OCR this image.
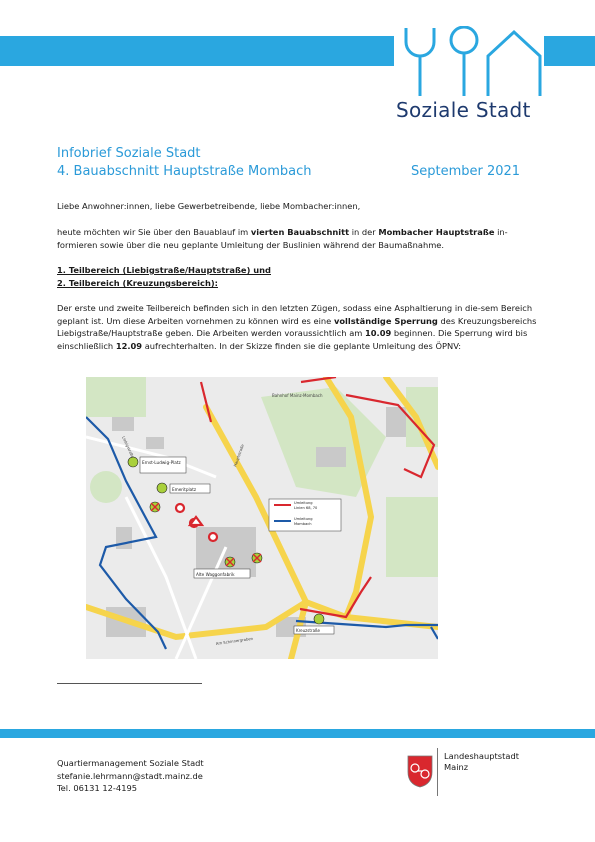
Soziale Stadt
Infobrief Soziale Stadt
4. Bauabschnitt Hauptstraße Mombach	September 2021
Liebe Anwohner:innen, liebe Gewerbetreibende, liebe Mombacher:innen,
heute möchten wir Sie über den Bauablauf im vierten Bauabschnitt in der Mombacher Hauptstraße in-formieren sowie über die neu geplante Umleitung der Buslinien während der Baumaßnahme.
1. Teilbereich (Liebigstraße/Hauptstraße) und
2. Teilbereich (Kreuzungsbereich):
Der erste und zweite Teilbereich befinden sich in den letzten Zügen, sodass eine Asphaltierung in die-sem Bereich geplant ist. Um diese Arbeiten vornehmen zu können wird es eine vollständige Sperrung des Kreuzungsbereichs Liebigstraße/Hauptstraße geben. Die Arbeiten werden voraussichtlich am 10.09 beginnen. Die Sperrung wird bis einschließlich 12.09 aufrechterhalten. In der Skizze finden sie die geplante Umleitung des ÖPNV:
Ernst-Ludwig-Platz
Emeritplatz
Alte Waggonfabrik
Bahnhof Mainz-Mombach
Kreuzstraße
Umleitung
Linien 68, 70
Umleitung
Mombach
Hauptstraße
Liebigstraße
Am Schinnergraben
Quartiermanagement Soziale Stadt
stefanie.lehrmann@stadt.mainz.de
Tel. 06131 12-4195
Landeshauptstadt
Mainz
